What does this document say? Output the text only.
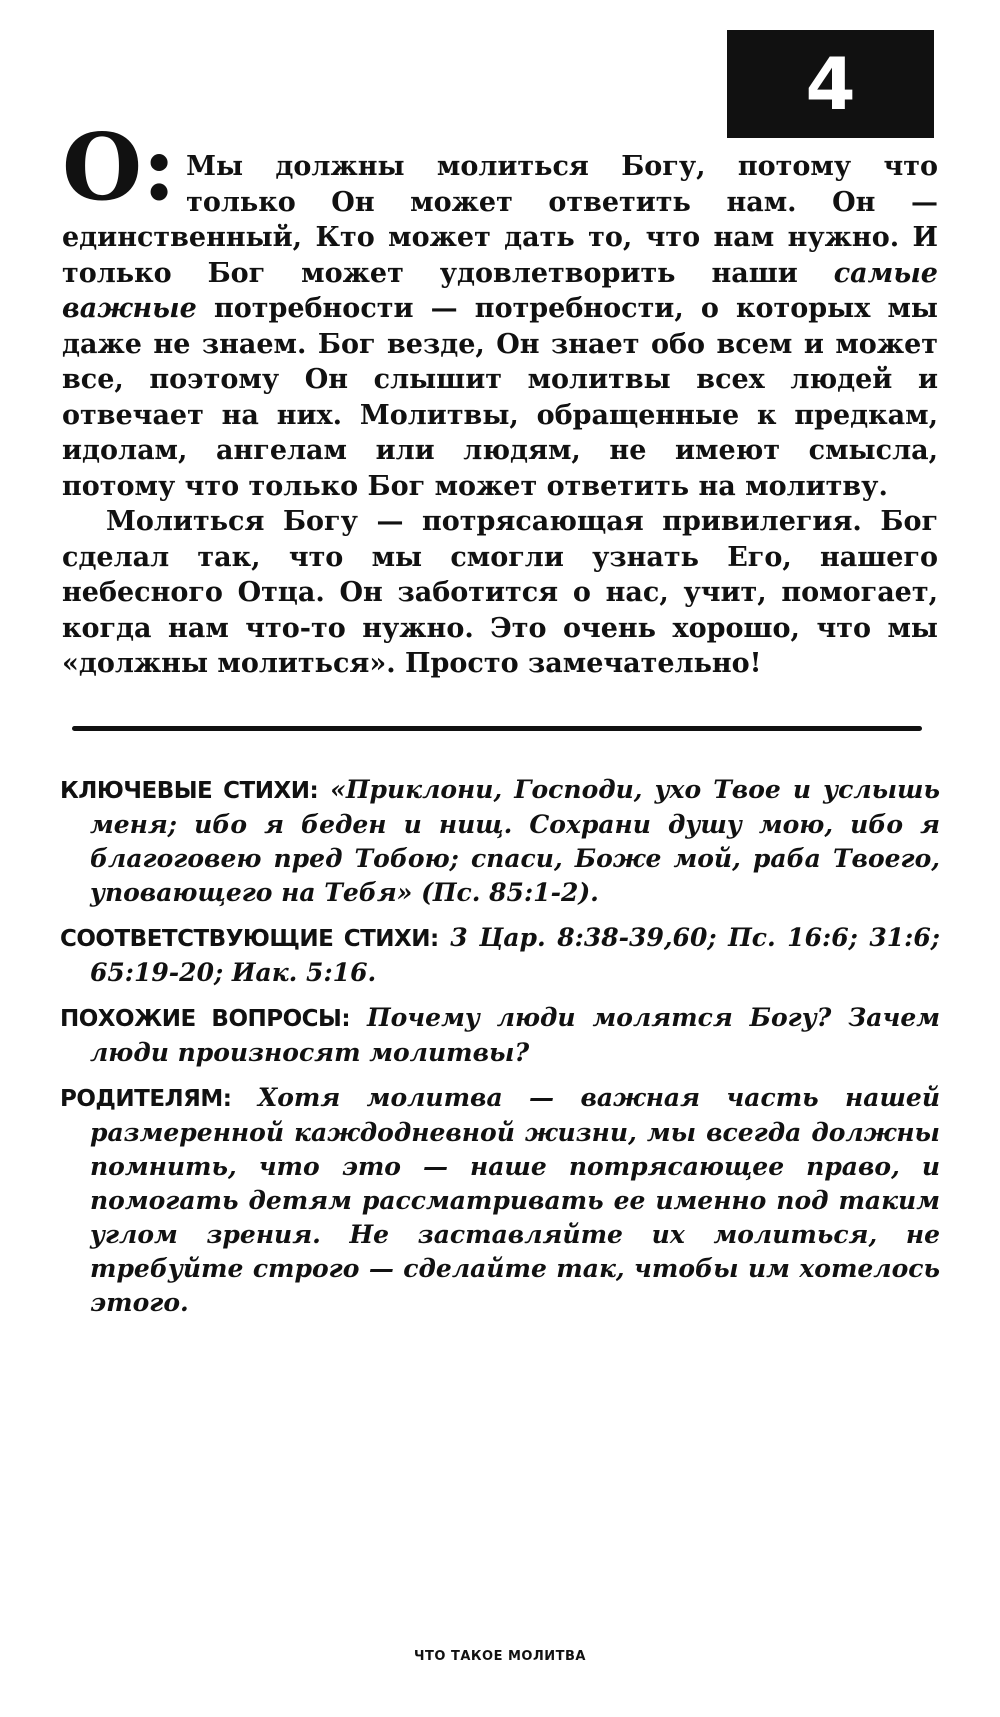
4
О: Мы должны молиться Богу, потому что только Он может ответить нам. Он — единственный, Кто может дать то, что нам нужно. И только Бог может удовлетворить наши самые важные потребности — потребности, о которых мы даже не знаем. Бог везде, Он знает обо всем и может все, поэтому Он слышит молитвы всех людей и отвечает на них. Молитвы, обращенные к предкам, идолам, ангелам или людям, не имеют смысла, потому что только Бог может ответить на молитву.

Молиться Богу — потрясающая привилегия. Бог сделал так, что мы смогли узнать Его, нашего небесного Отца. Он заботится о нас, учит, помогает, когда нам что-то нужно. Это очень хорошо, что мы «должны молиться». Просто замечательно!

КЛЮЧЕВЫЕ СТИХИ: «Приклони, Господи, ухо Твое и услышь меня; ибо я беден и нищ. Сохрани душу мою, ибо я благоговею пред Тобою; спаси, Боже мой, раба Твоего, уповающего на Тебя» (Пс. 85:1-2).

СООТВЕТСТВУЮЩИЕ СТИХИ: 3 Цар. 8:38-39,60; Пс. 16:6; 31:6; 65:19-20; Иак. 5:16.

ПОХОЖИЕ ВОПРОСЫ: Почему люди молятся Богу? Зачем люди произносят молитвы?

РОДИТЕЛЯМ: Хотя молитва — важная часть нашей размеренной каждодневной жизни, мы всегда должны помнить, что это — наше потрясающее право, и помогать детям рассматривать ее именно под таким углом зрения. Не заставляйте их молиться, не требуйте строго — сделайте так, чтобы им хотелось этого.

ЧТО ТАКОЕ МОЛИТВА
